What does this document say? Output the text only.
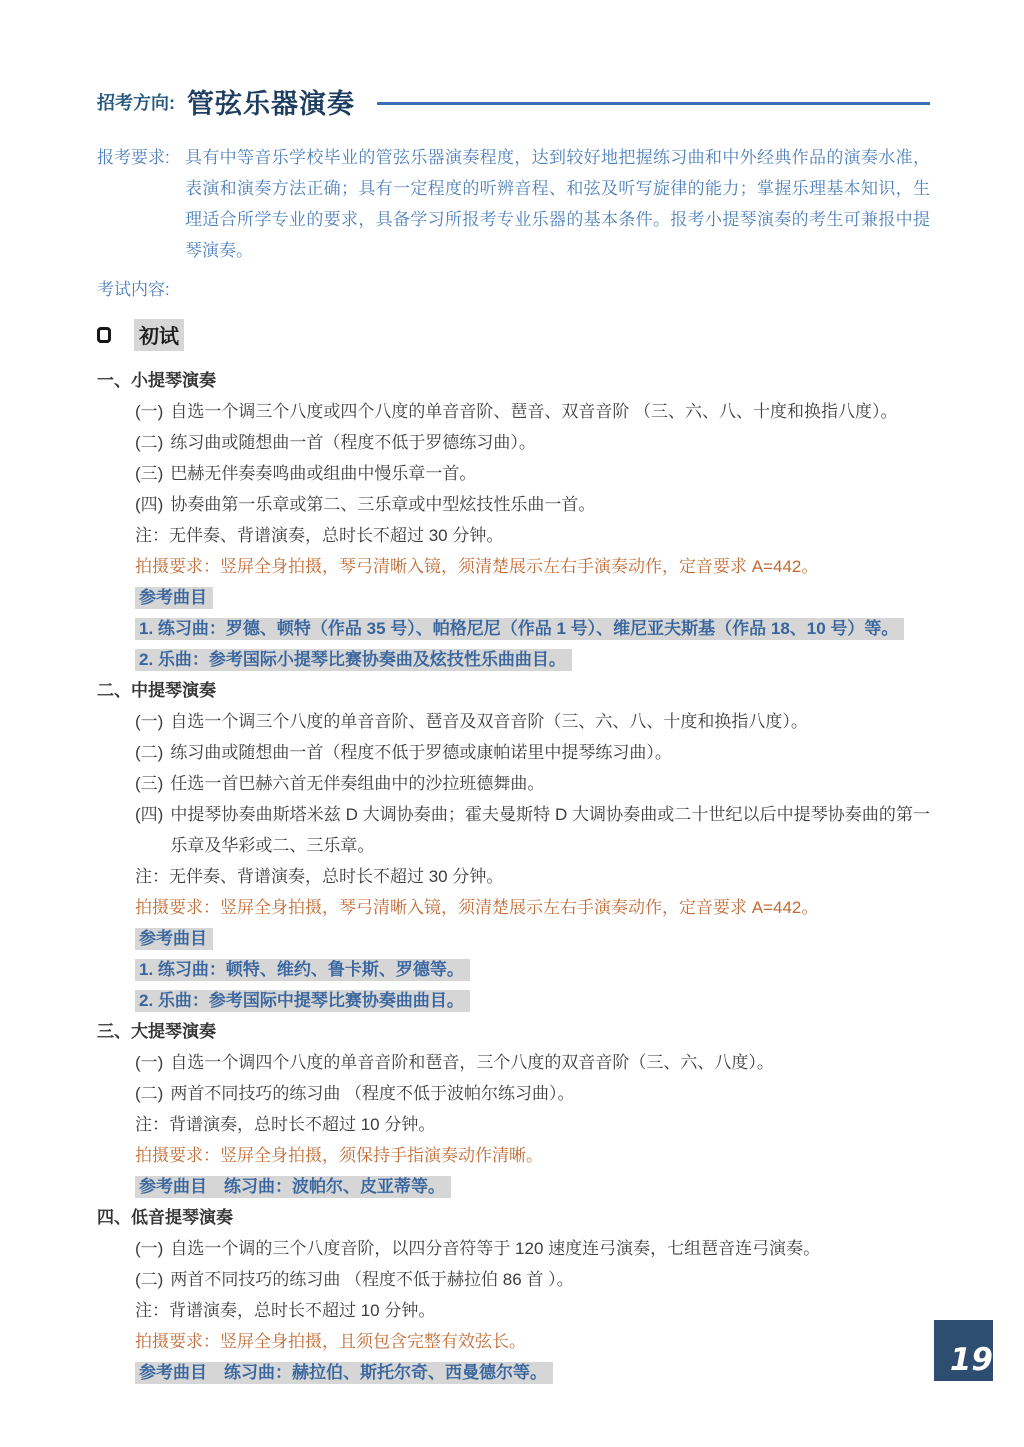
招考方向: 管弦乐器演奏
报考要求: 具有中等音乐学校毕业的管弦乐器演奏程度，达到较好地把握练习曲和中外经典作品的演奏水准，表演和演奏方法正确；具有一定程度的听辨音程、和弦及听写旋律的能力；掌握乐理基本知识，生理适合所学专业的要求，具备学习所报考专业乐器的基本条件。报考小提琴演奏的考生可兼报中提琴演奏。
考试内容:
初试
一、小提琴演奏
(一) 自选一个调三个八度或四个八度的单音音阶、琶音、双音音阶 （三、六、八、十度和换指八度）。
(二) 练习曲或随想曲一首（程度不低于罗德练习曲）。
(三) 巴赫无伴奏奏鸣曲或组曲中慢乐章一首。
(四) 协奏曲第一乐章或第二、三乐章或中型炫技性乐曲一首。
注：无伴奏、背谱演奏，总时长不超过 30 分钟。
拍摄要求：竖屏全身拍摄，琴弓清晰入镜，须清楚展示左右手演奏动作，定音要求 A=442。
参考曲目
1. 练习曲：罗德、顿特（作品 35 号）、帕格尼尼（作品 1 号）、维尼亚夫斯基（作品 18、10 号）等。
2. 乐曲：参考国际小提琴比赛协奏曲及炫技性乐曲曲目。
二、中提琴演奏
(一) 自选一个调三个八度的单音音阶、琶音及双音音阶（三、六、八、十度和换指八度）。
(二) 练习曲或随想曲一首（程度不低于罗德或康帕诺里中提琴练习曲）。
(三) 任选一首巴赫六首无伴奏组曲中的沙拉班德舞曲。
(四) 中提琴协奏曲斯塔米兹 D 大调协奏曲；霍夫曼斯特 D 大调协奏曲或二十世纪以后中提琴协奏曲的第一乐章及华彩或二、三乐章。
注：无伴奏、背谱演奏，总时长不超过 30 分钟。
拍摄要求：竖屏全身拍摄，琴弓清晰入镜，须清楚展示左右手演奏动作，定音要求 A=442。
参考曲目
1. 练习曲：顿特、维约、鲁卡斯、罗德等。
2. 乐曲：参考国际中提琴比赛协奏曲曲目。
三、大提琴演奏
(一) 自选一个调四个八度的单音音阶和琶音，三个八度的双音音阶（三、六、八度）。
(二) 两首不同技巧的练习曲 （程度不低于波帕尔练习曲）。
注：背谱演奏，总时长不超过 10 分钟。
拍摄要求：竖屏全身拍摄，须保持手指演奏动作清晰。
参考曲目　练习曲：波帕尔、皮亚蒂等。
四、低音提琴演奏
(一) 自选一个调的三个八度音阶，以四分音符等于 120 速度连弓演奏，七组琶音连弓演奏。
(二) 两首不同技巧的练习曲 （程度不低于赫拉伯 86 首 ）。
注：背谱演奏，总时长不超过 10 分钟。
拍摄要求：竖屏全身拍摄，且须包含完整有效弦长。
参考曲目　练习曲：赫拉伯、斯托尔奇、西曼德尔等。	19
